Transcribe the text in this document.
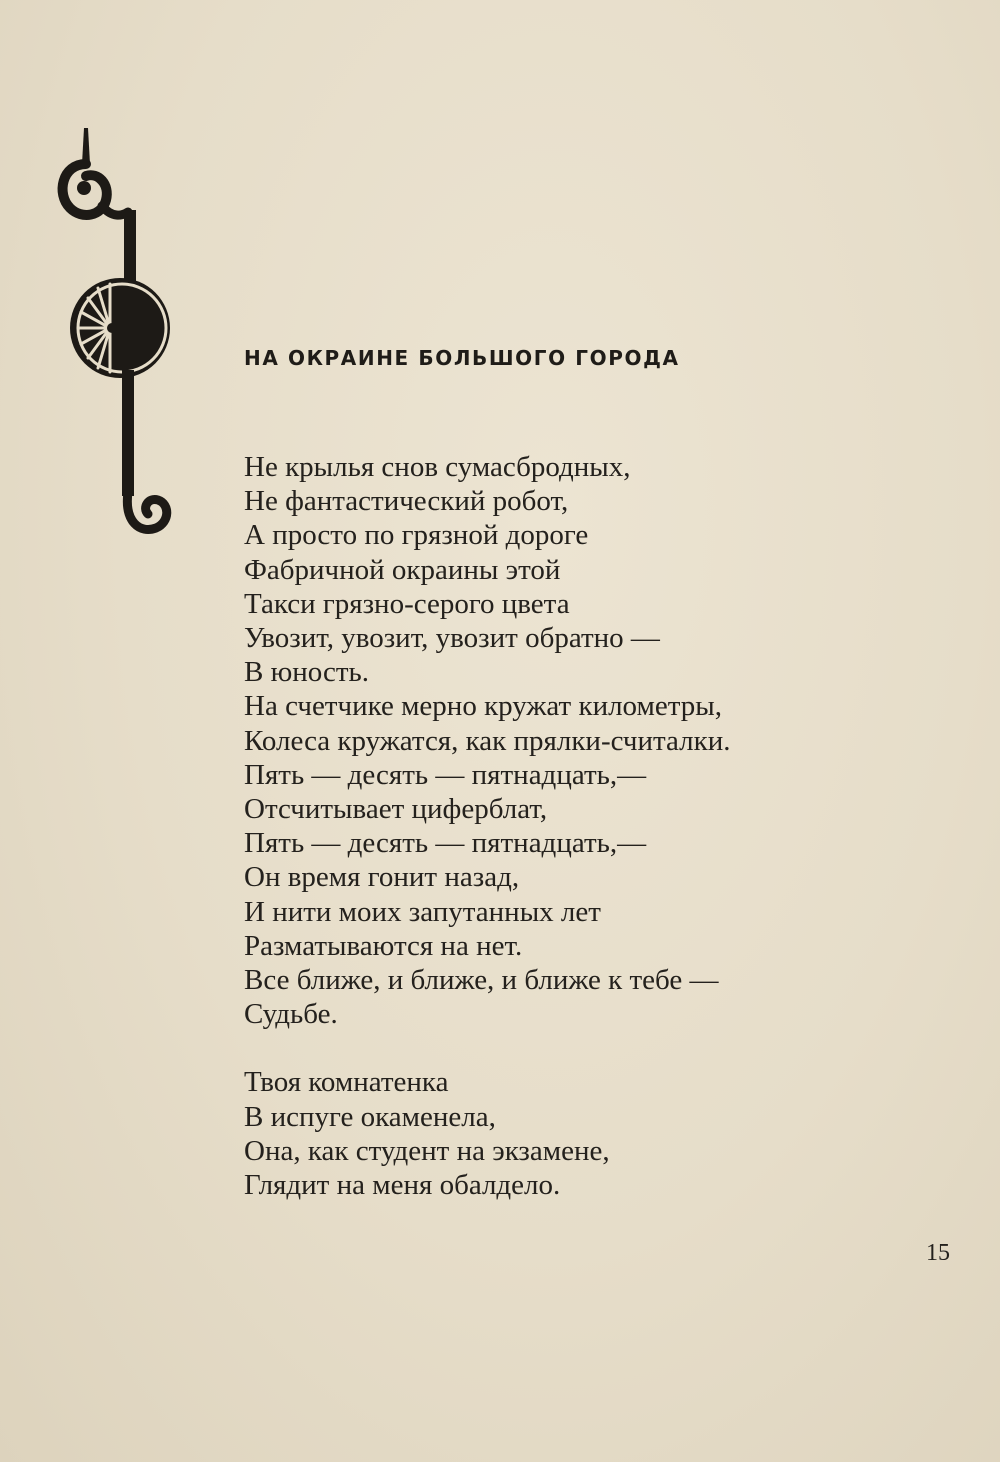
НА ОКРАИНЕ БОЛЬШОГО ГОРОДА

Не крылья снов сумасбродных,
Не фантастический робот,
А просто по грязной дороге
Фабричной окраины этой
Такси грязно-серого цвета
Увозит, увозит, увозит обратно —
В юность.
На счетчике мерно кружат километры,
Колеса кружатся, как прялки-считалки.
Пять — десять — пятнадцать,—
Отсчитывает циферблат,
Пять — десять — пятнадцать,—
Он время гонит назад,
И нити моих запутанных лет
Разматываются на нет.
Все ближе, и ближе, и ближе к тебе —
Судьбе.

Твоя комнатенка
В испуге окаменела,
Она, как студент на экзамене,
Глядит на меня обалдело.

15
